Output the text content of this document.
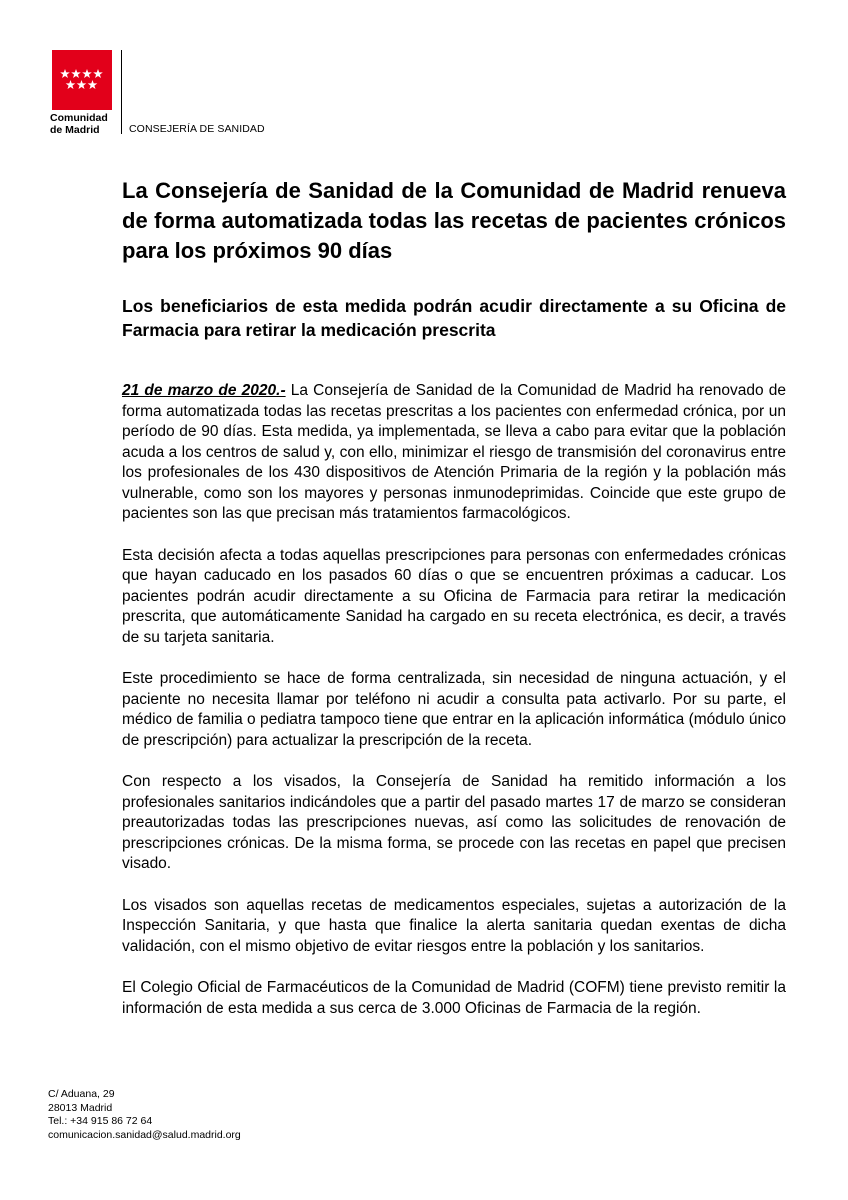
Comunidad
de Madrid	CONSEJERÍA DE SANIDAD
La Consejería de Sanidad de la Comunidad de Madrid renueva de forma automatizada todas las recetas de pacientes crónicos para los próximos 90 días
Los beneficiarios de esta medida podrán acudir directamente a su Oficina de Farmacia para retirar la medicación prescrita

21 de marzo de 2020.- La Consejería de Sanidad de la Comunidad de Madrid ha renovado de forma automatizada todas las recetas prescritas a los pacientes con enfermedad crónica, por un período de 90 días. Esta medida, ya implementada, se lleva a cabo para evitar que la población acuda a los centros de salud y, con ello, minimizar el riesgo de transmisión del coronavirus entre los profesionales de los 430 dispositivos de Atención Primaria de la región y la población más vulnerable, como son los mayores y personas inmunodeprimidas. Coincide que este grupo de pacientes son las que precisan más tratamientos farmacológicos.

Esta decisión afecta a todas aquellas prescripciones para personas con enfermedades crónicas que hayan caducado en los pasados 60 días o que se encuentren próximas a caducar. Los pacientes podrán acudir directamente a su Oficina de Farmacia para retirar la medicación prescrita, que automáticamente Sanidad ha cargado en su receta electrónica, es decir, a través de su tarjeta sanitaria.

Este procedimiento se hace de forma centralizada, sin necesidad de ninguna actuación, y el paciente no necesita llamar por teléfono ni acudir a consulta pata activarlo. Por su parte, el médico de familia o pediatra tampoco tiene que entrar en la aplicación informática (módulo único de prescripción) para actualizar la prescripción de la receta.

Con respecto a los visados, la Consejería de Sanidad ha remitido información a los profesionales sanitarios indicándoles que a partir del pasado martes 17 de marzo se consideran preautorizadas todas las prescripciones nuevas, así como las solicitudes de renovación de prescripciones crónicas. De la misma forma, se procede con las recetas en papel que precisen visado.

Los visados son aquellas recetas de medicamentos especiales, sujetas a autorización de la Inspección Sanitaria, y que hasta que finalice la alerta sanitaria quedan exentas de dicha validación, con el mismo objetivo de evitar riesgos entre la población y los sanitarios.

El Colegio Oficial de Farmacéuticos de la Comunidad de Madrid (COFM) tiene previsto remitir la información de esta medida a sus cerca de 3.000 Oficinas de Farmacia de la región.

C/ Aduana, 29
28013 Madrid
Tel.: +34 915 86 72 64
comunicacion.sanidad@salud.madrid.org
